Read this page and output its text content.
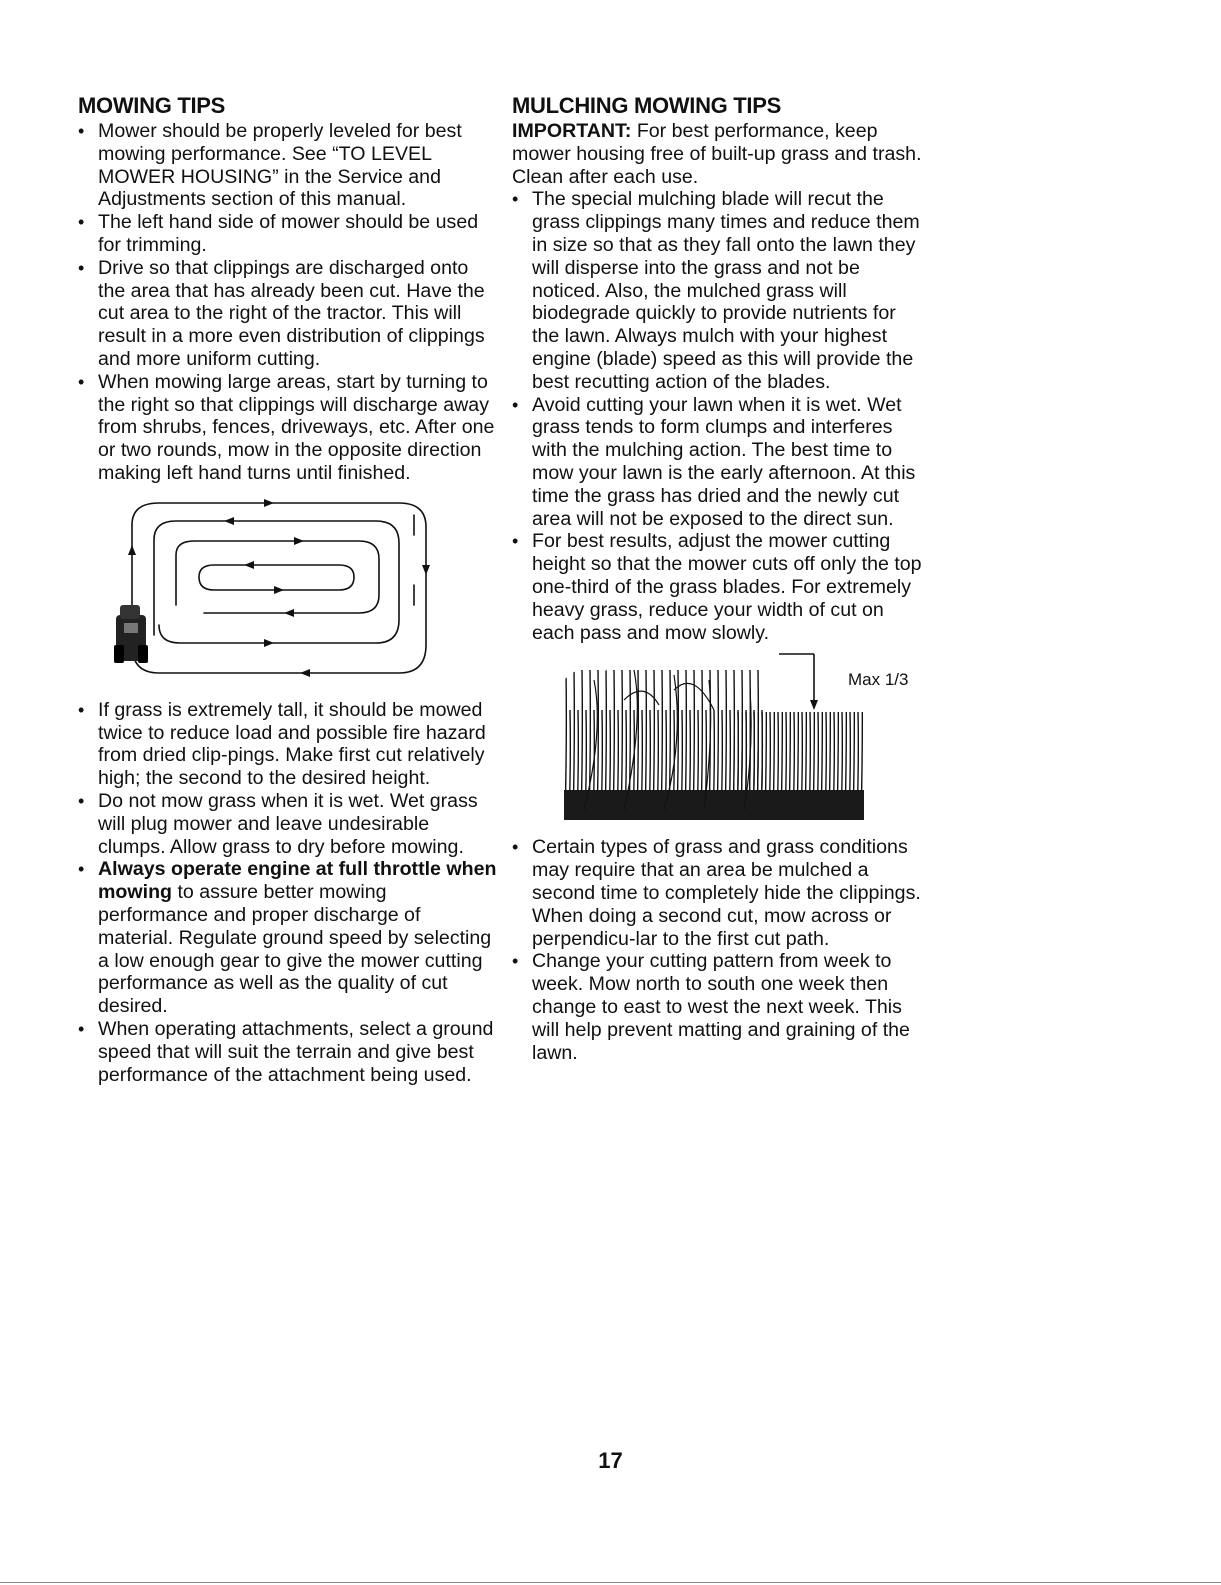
MOWING TIPS
• Mower should be properly leveled for best mowing performance. See “TO LEVEL MOWER HOUSING” in the Service and Adjustments section of this manual.
• The left hand side of mower should be used for trimming.
• Drive so that clippings are discharged onto the area that has already been cut. Have the cut area to the right of the tractor. This will result in a more even distribution of clippings and more uniform cutting.
• When mowing large areas, start by turning to the right so that clippings will discharge away from shrubs, fences, driveways, etc. After one or two rounds, mow in the opposite direction making left hand turns until finished.
• If grass is extremely tall, it should be mowed twice to reduce load and possible fire hazard from dried clip-pings. Make first cut relatively high; the second to the desired height.
• Do not mow grass when it is wet. Wet grass will plug mower and leave undesirable clumps. Allow grass to dry before mowing.
• Always operate engine at full throttle when mowing to assure better mowing performance and proper discharge of material. Regulate ground speed by selecting a low enough gear to give the mower cutting performance as well as the quality of cut desired.
• When operating attachments, select a ground speed that will suit the terrain and give best performance of the attachment being used.
MULCHING MOWING TIPS

IMPORTANT: For best performance, keep mower housing free of built-up grass and trash. Clean after each use.

• The special mulching blade will recut the grass clippings many times and reduce them in size so that as they fall onto the lawn they will disperse into the grass and not be noticed. Also, the mulched grass will biodegrade quickly to provide nutrients for the lawn. Always mulch with your highest engine (blade) speed as this will provide the best recutting action of the blades.
• Avoid cutting your lawn when it is wet. Wet grass tends to form clumps and interferes with the mulching action. The best time to mow your lawn is the early afternoon. At this time the grass has dried and the newly cut area will not be exposed to the direct sun.
• For best results, adjust the mower cutting height so that the mower cuts off only the top one-third of the grass blades. For extremely heavy grass, reduce your width of cut on each pass and mow slowly.
Max 1/3
• Certain types of grass and grass conditions may require that an area be mulched a second time to completely hide the clippings. When doing a second cut, mow across or perpendicu-lar to the first cut path.
• Change your cutting pattern from week to week. Mow north to south one week then change to east to west the next week. This will help prevent matting and graining of the lawn.
17
